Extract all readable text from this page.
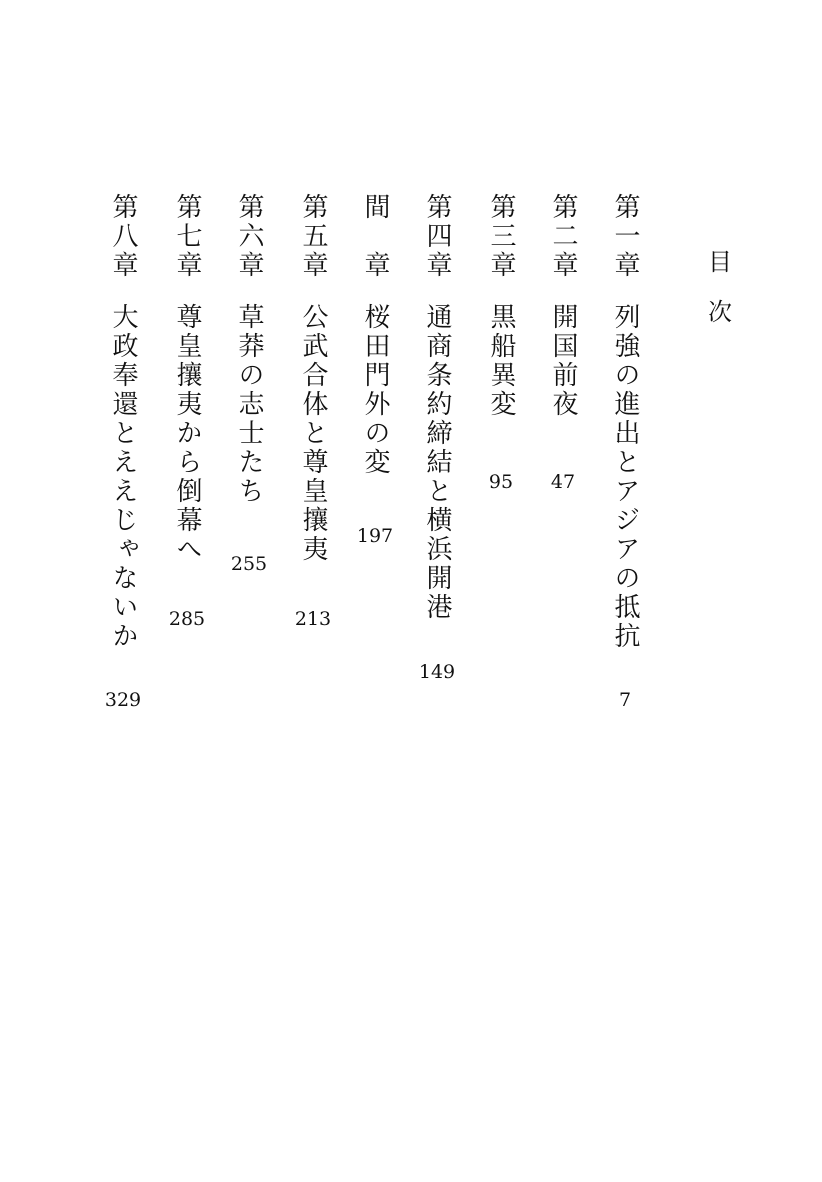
目
次
第一章
列強の進出とアジアの抵抗
7
第二章
開国前夜
47
第三章
黒船異変
95
第四章
通商条約締結と横浜開港
149
間　章
桜田門外の変
197
第五章
公武合体と尊皇攘夷
213
第六章
草莽の志士たち
255
第七章
尊皇攘夷から倒幕へ
285
第八章
大政奉還とええじゃないか
329
